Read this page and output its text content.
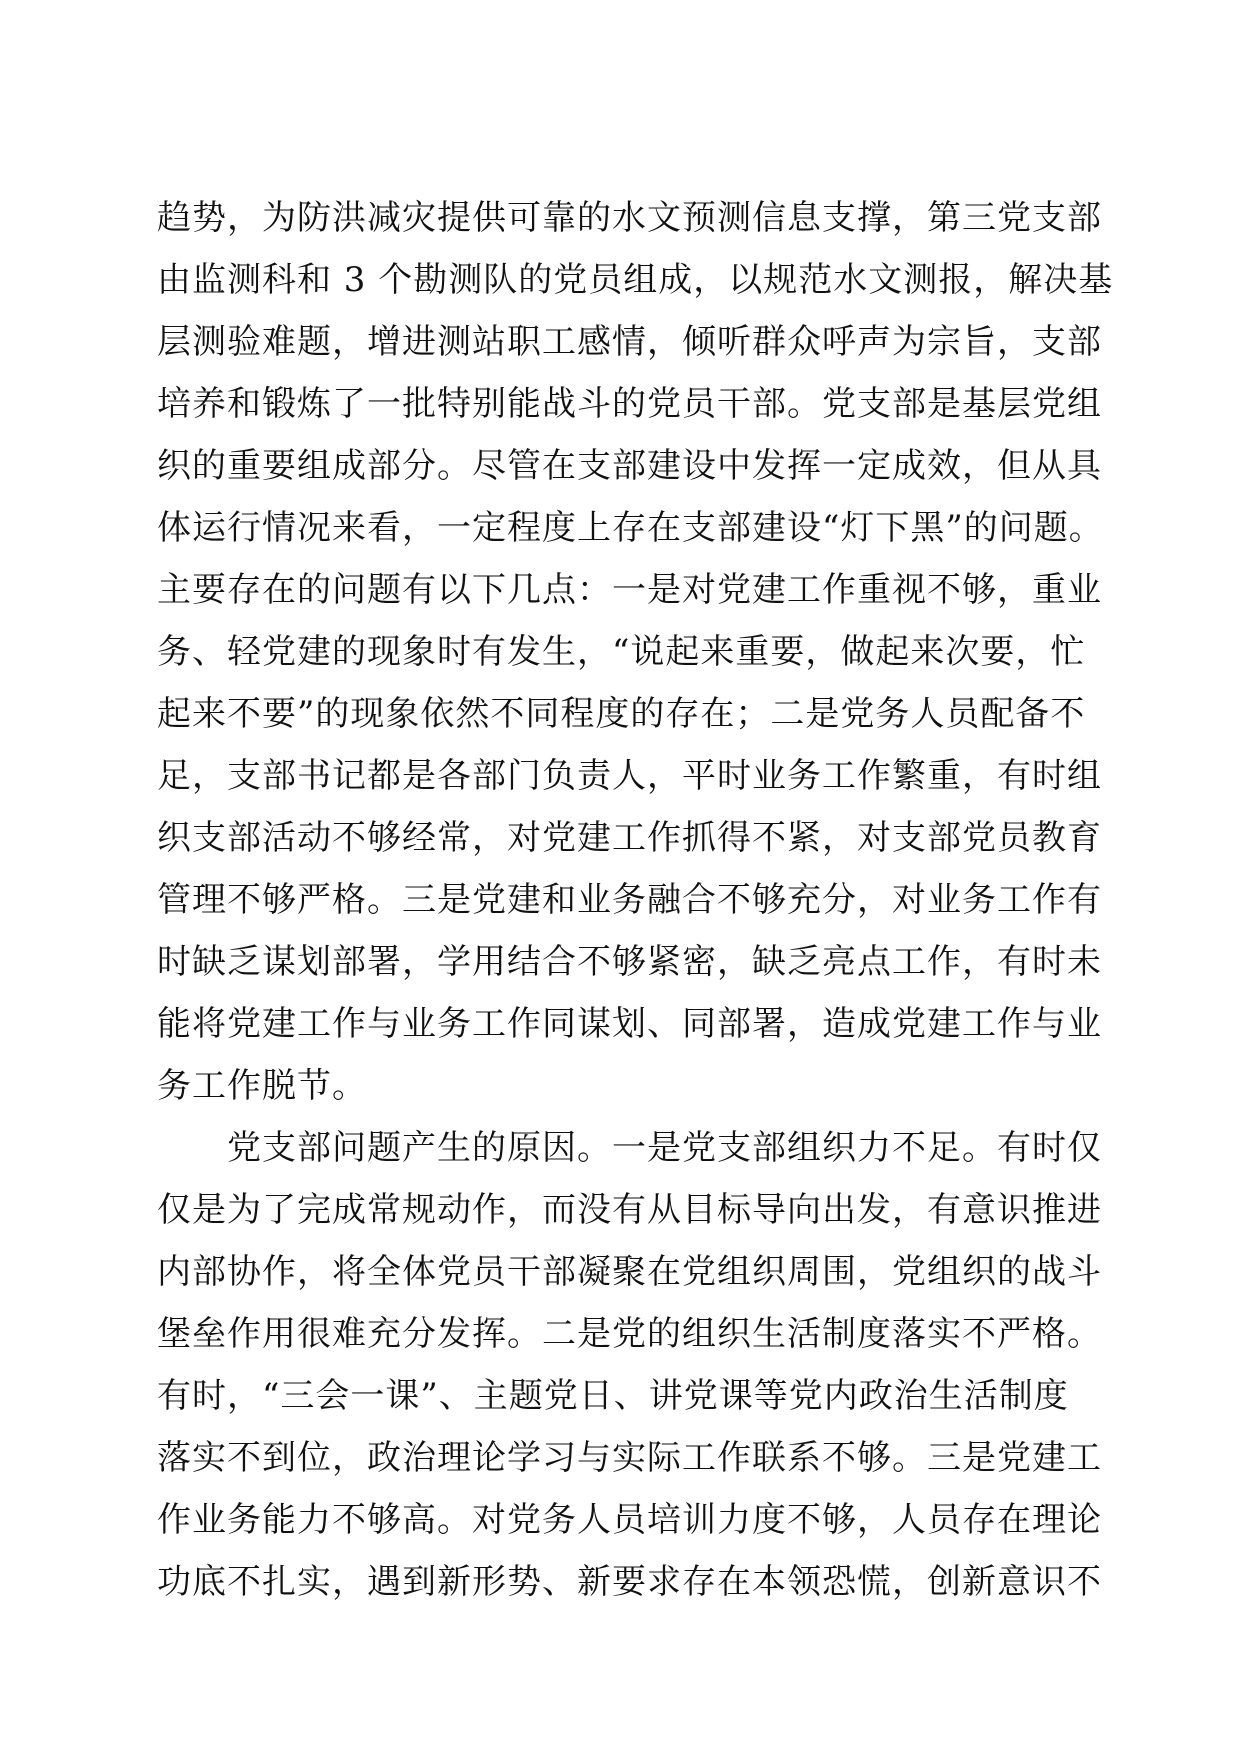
趋势，为防洪减灾提供可靠的水文预测信息支撑，第三党支部
由监测科和 3 个勘测队的党员组成，以规范水文测报，解决基
层测验难题，增进测站职工感情，倾听群众呼声为宗旨，支部
培养和锻炼了一批特别能战斗的党员干部。党支部是基层党组
织的重要组成部分。尽管在支部建设中发挥一定成效，但从具
体运行情况来看，一定程度上存在支部建设“灯下黑”的问题。
主要存在的问题有以下几点：一是对党建工作重视不够，重业
务、轻党建的现象时有发生，“说起来重要，做起来次要，忙
起来不要”的现象依然不同程度的存在；二是党务人员配备不
足，支部书记都是各部门负责人，平时业务工作繁重，有时组
织支部活动不够经常，对党建工作抓得不紧，对支部党员教育
管理不够严格。三是党建和业务融合不够充分，对业务工作有
时缺乏谋划部署，学用结合不够紧密，缺乏亮点工作，有时未
能将党建工作与业务工作同谋划、同部署，造成党建工作与业
务工作脱节。
党支部问题产生的原因。一是党支部组织力不足。有时仅
仅是为了完成常规动作，而没有从目标导向出发，有意识推进
内部协作，将全体党员干部凝聚在党组织周围，党组织的战斗
堡垒作用很难充分发挥。二是党的组织生活制度落实不严格。
有时，“三会一课”、主题党日、讲党课等党内政治生活制度
落实不到位，政治理论学习与实际工作联系不够。三是党建工
作业务能力不够高。对党务人员培训力度不够，人员存在理论
功底不扎实，遇到新形势、新要求存在本领恐慌，创新意识不
